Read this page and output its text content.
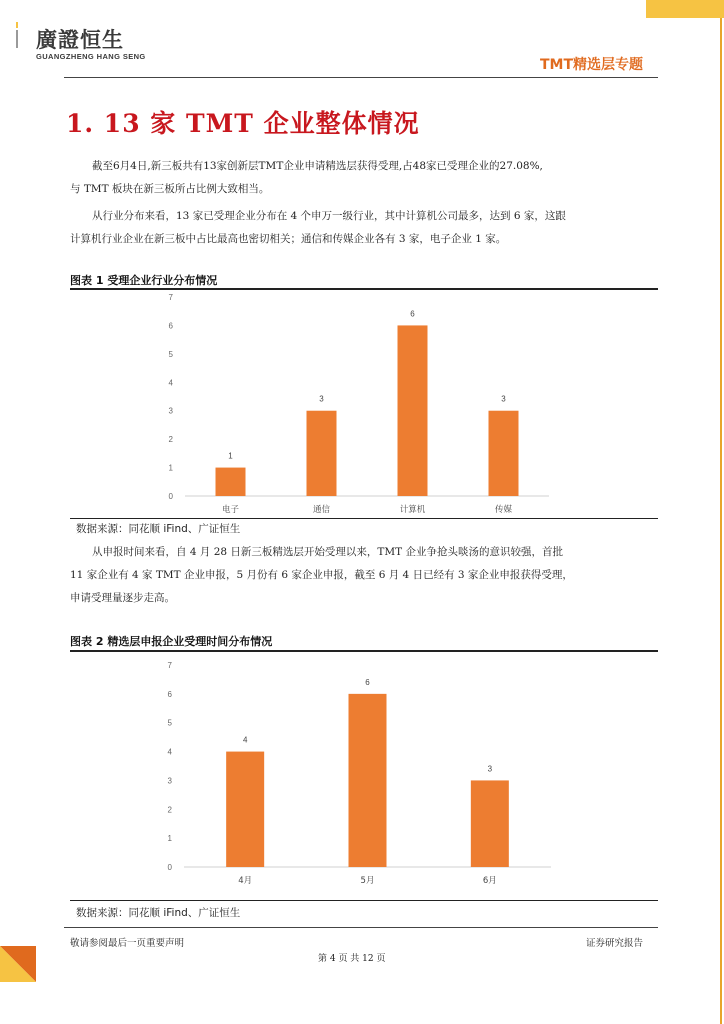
廣證恒生
GUANGZHENG HANG SENG
TMT精选层专题
1. 13 家 TMT 企业整体情况
截至6月4日,新三板共有13家创新层TMT企业申请精选层获得受理,占48家已受理企业的27.08%,
与 TMT 板块在新三板所占比例大致相当。
从行业分布来看，13 家已受理企业分布在 4 个申万一级行业，其中计算机公司最多，达到 6 家，这跟
计算机行业企业在新三板中占比最高也密切相关；通信和传媒企业各有 3 家，电子企业 1 家。
图表 1 受理企业行业分布情况
0
1
2
3
4
5
6
7
1
电子
3
通信
6
计算机
3
传媒
数据来源：同花顺 iFind、广证恒生
从申报时间来看，自 4 月 28 日新三板精选层开始受理以来，TMT 企业争抢头啖汤的意识较强，首批
11 家企业有 4 家 TMT 企业申报，5 月份有 6 家企业申报，截至 6 月 4 日已经有 3 家企业申报获得受理，
申请受理量逐步走高。
图表 2 精选层申报企业受理时间分布情况
0
1
2
3
4
5
6
7
4
4月
6
5月
3
6月
数据来源：同花顺 iFind、广证恒生
敬请参阅最后一页重要声明	证券研究报告
第 4 页 共 12 页
